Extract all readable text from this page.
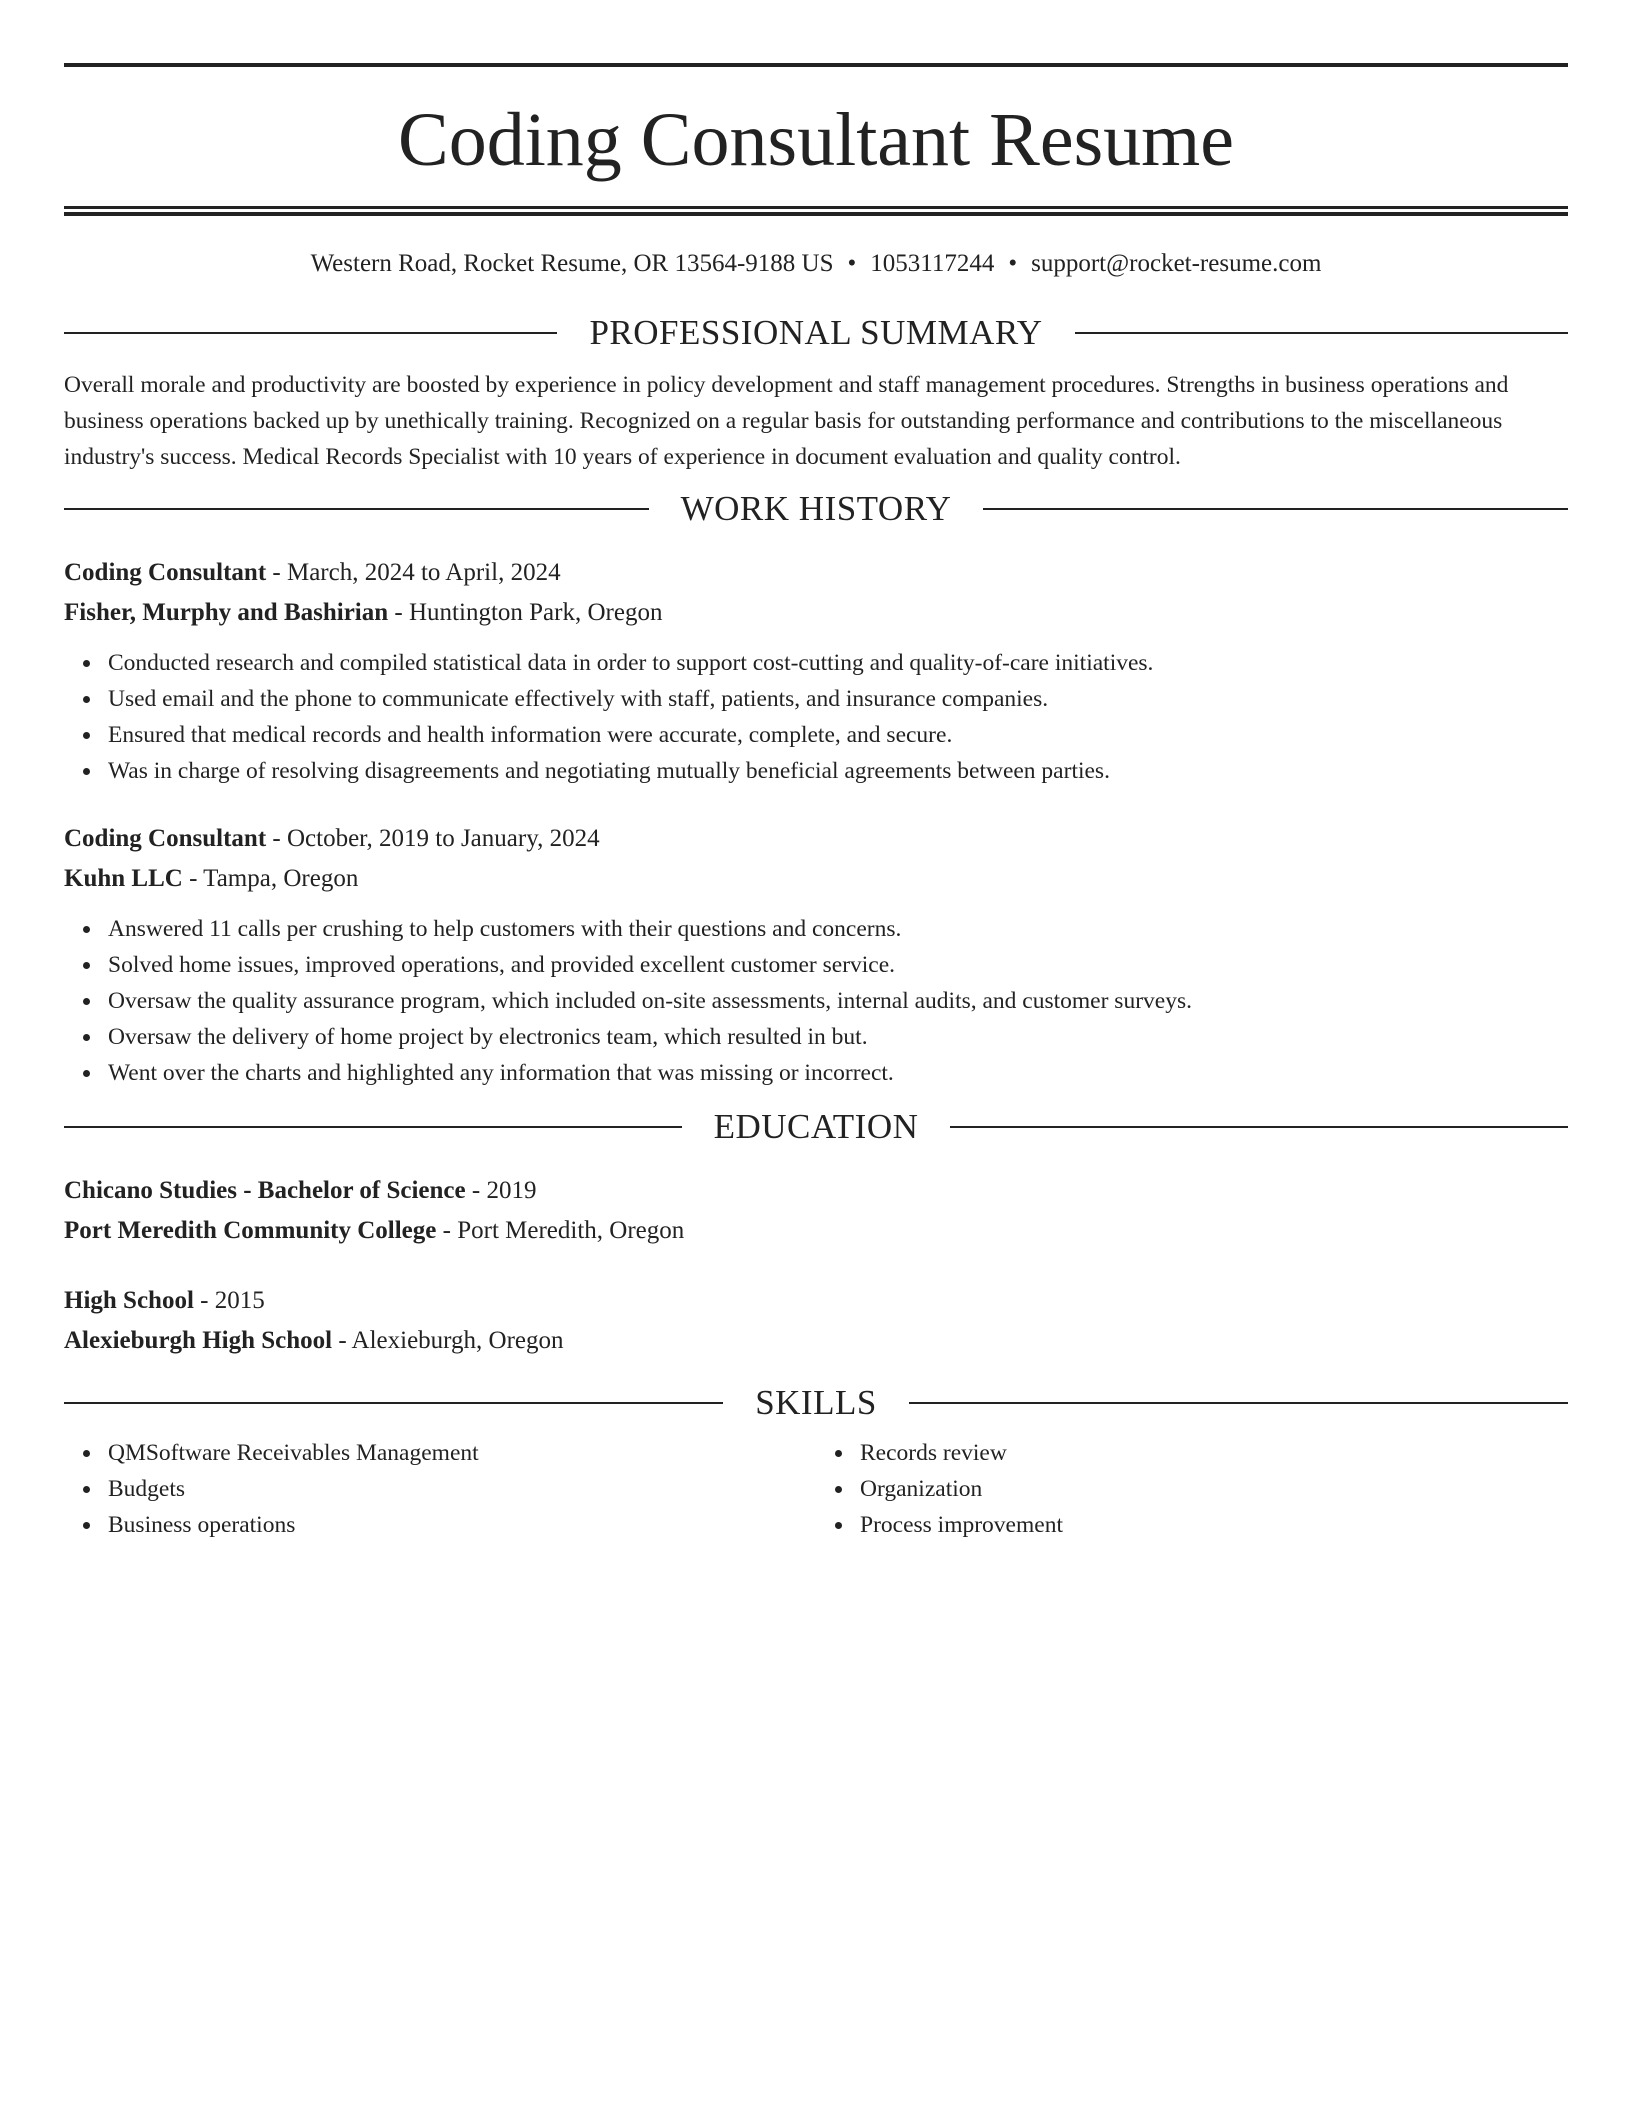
Coding Consultant Resume
Western Road, Rocket Resume, OR 13564-9188 US • 1053117244 • support@rocket-resume.com
PROFESSIONAL SUMMARY

Overall morale and productivity are boosted by experience in policy development and staff management procedures. Strengths in business operations and business operations backed up by unethically training. Recognized on a regular basis for outstanding performance and contributions to the miscellaneous industry's success. Medical Records Specialist with 10 years of experience in document evaluation and quality control.

WORK HISTORY
Coding Consultant - March, 2024 to April, 2024
Fisher, Murphy and Bashirian - Huntington Park, Oregon
Conducted research and compiled statistical data in order to support cost-cutting and quality-of-care initiatives.
Used email and the phone to communicate effectively with staff, patients, and insurance companies.
Ensured that medical records and health information were accurate, complete, and secure.
Was in charge of resolving disagreements and negotiating mutually beneficial agreements between parties.
Coding Consultant - October, 2019 to January, 2024
Kuhn LLC - Tampa, Oregon
Answered 11 calls per crushing to help customers with their questions and concerns.
Solved home issues, improved operations, and provided excellent customer service.
Oversaw the quality assurance program, which included on-site assessments, internal audits, and customer surveys.
Oversaw the delivery of home project by electronics team, which resulted in but.
Went over the charts and highlighted any information that was missing or incorrect.
EDUCATION
Chicano Studies - Bachelor of Science - 2019
Port Meredith Community College - Port Meredith, Oregon
High School - 2015
Alexieburgh High School - Alexieburgh, Oregon
SKILLS
QMSoftware Receivables Management
Budgets
Business operations
Records review
Organization
Process improvement
